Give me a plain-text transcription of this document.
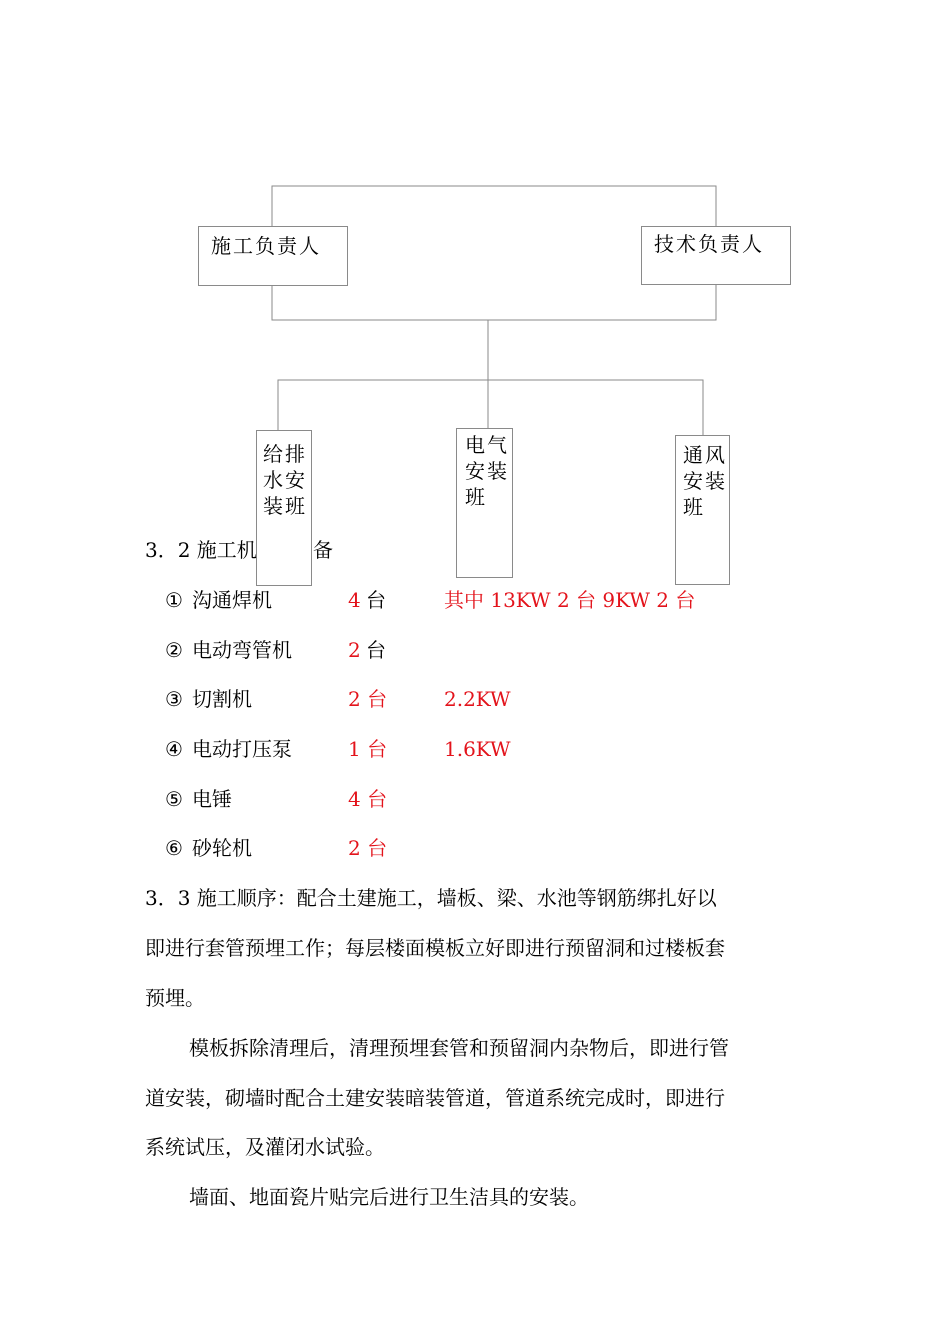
施工负责人	技术负责人
给排
水安
装班
电气
安装
班
通风
安装
班
3．2 施工机	备
① 沟通焊机	4 台	其中 13KW 2 台 9KW 2 台
② 电动弯管机	2 台
③ 切割机	2 台	2.2KW
④ 电动打压泵	1 台	1.6KW
⑤ 电锤	4 台
⑥ 砂轮机	2 台
3．3 施工顺序：配合土建施工，墙板、梁、水池等钢筋绑扎好以
即进行套管预埋工作；每层楼面模板立好即进行预留洞和过楼板套
预埋。
模板拆除清理后，清理预埋套管和预留洞内杂物后，即进行管
道安装，砌墙时配合土建安装暗装管道，管道系统完成时，即进行
系统试压，及灌闭水试验。
墙面、地面瓷片贴完后进行卫生洁具的安装。
